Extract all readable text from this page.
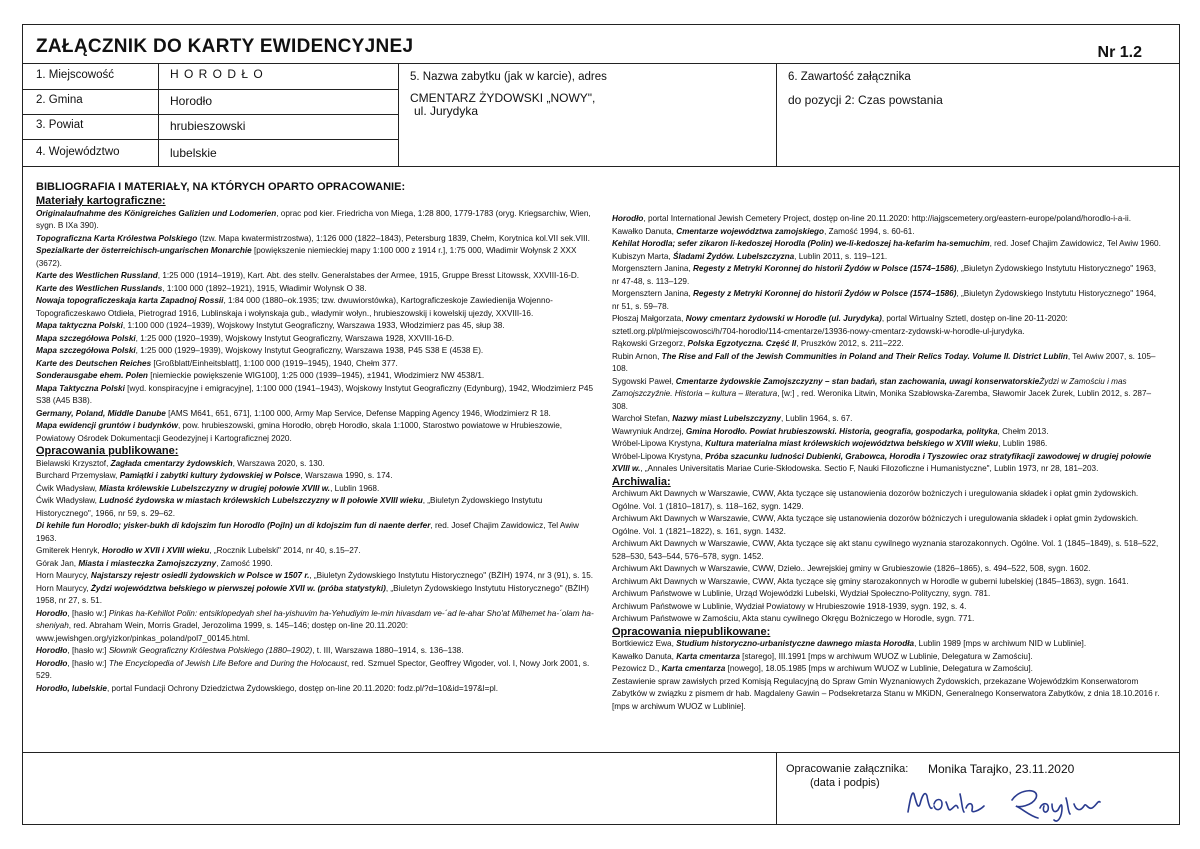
ZAŁĄCZNIK DO KARTY EWIDENCYJNEJ	Nr 1.2
1. Miejscowość	H O R O D Ł O
2. Gmina	Horodło
3. Powiat	hrubieszowski
4. Województwo	lubelskie
5. Nazwa zabytku (jak w karcie), adres
CMENTARZ ŻYDOWSKI „NOWY",
ul. Jurydyka
6. Zawartość załącznika
do pozycji 2: Czas powstania
BIBLIOGRAFIA I MATERIAŁY, NA KTÓRYCH OPARTO OPRACOWANIE:

Materiały kartograficzne:

Originalaufnahme des Königreiches Galizien und Lodomerien, oprac pod kier. Friedricha von Miega, 1:28 800, 1779-1783 (oryg. Kriegsarchiw, Wien, sygn. B IXa 390).

Topograficzna Karta Królestwa Polskiego (tzw. Mapa kwatermistrzostwa), 1:126 000 (1822–1843), Petersburg 1839, Chełm, Korytnica kol.VII sek.VIII.

Spezialkarte der österreichisch-ungarischen Monarchie [powiększenie niemieckiej mapy 1:100 000 z 1914 r.], 1:75 000, Władimir Wołynsk 2 XXX (3672).

Karte des Westlichen Russland, 1:25 000 (1914–1919), Kart. Abt. des stellv. Generalstabes der Armee, 1915, Gruppe Bresst Litowssk, XXVIII-16-D.

Karte des Westlichen Russlands, 1:100 000 (1892–1921), 1915, Władimir Wolynsk O 38.

Nowaja topograficzeskaja karta Zapadnoj Rossii, 1:84 000 (1880–ok.1935; tzw. dwuwiorstówka), Kartograficzeskoje Zawiedienija Wojenno-Topograficzeskawo Otdieła, Pietrograd 1916, Lublinskaja i wołynskaja gub., władymir wołyn., hrubieszowskij i kowelskij ujezdy, XXVIII-16.

Mapa taktyczna Polski, 1:100 000 (1924–1939), Wojskowy Instytut Geograficzny, Warszawa 1933, Włodzimierz pas 45, słup 38.

Mapa szczegółowa Polski, 1:25 000 (1920–1939), Wojskowy Instytut Geograficzny, Warszawa 1928, XXVIII-16-D.

Mapa szczegółowa Polski, 1:25 000 (1929–1939), Wojskowy Instytut Geograficzny, Warszawa 1938, P45 S38 E (4538 E).

Karte des Deutschen Reiches [Großblatt/Einheitsblatt], 1:100 000 (1919–1945), 1940, Chełm 377.

Sonderausgabe ehem. Polen [niemieckie powiększenie WIG100], 1:25 000 (1939–1945), ±1941, Włodzimierz NW 4538/1.

Mapa Taktyczna Polski [wyd. konspiracyjne i emigracyjne], 1:100 000 (1941–1943), Wojskowy Instytut Geograficzny (Edynburg), 1942, Włodzimierz P45 S38 (A45 B38).

Germany, Poland, Middle Danube [AMS M641, 651, 671], 1:100 000, Army Map Service, Defense Mapping Agency 1946, Włodzimierz R 18.

Mapa ewidencji gruntów i budynków, pow. hrubieszowski, gmina Horodło, obręb Horodło, skala 1:1000, Starostwo powiatowe w Hrubieszowie, Powiatowy Ośrodek Dokumentacji Geodezyjnej i Kartograficznej 2020.

Opracowania publikowane:

Bielawski Krzysztof, Zagłada cmentarzy żydowskich, Warszawa 2020, s. 130.

Burchard Przemysław, Pamiątki i zabytki kultury żydowskiej w Polsce, Warszawa 1990, s. 174.

Ćwik Władysław, Miasta królewskie Lubelszczyzny w drugiej połowie XVIII w., Lublin 1968.

Ćwik Władysław, Ludność żydowska w miastach królewskich Lubelszczyzny w II połowie XVIII wieku, „Biuletyn Żydowskiego Instytutu Historycznego", 1966, nr 59, s. 29–62.

Di kehile fun Horodlo; yisker-bukh di kdojszim fun Horodlo (Pojln) un di kdojszim fun di naente derfer, red. Josef Chajim Zawidowicz, Tel Awiw 1963.

Gmiterek Henryk, Horodło w XVII i XVIII wieku, „Rocznik Lubelski" 2014, nr 40, s.15–27.

Górak Jan, Miasta i miasteczka Zamojszczyzny, Zamość 1990.

Horn Maurycy, Najstarszy rejestr osiedli żydowskich w Polsce w 1507 r., „Biuletyn Żydowskiego Instytutu Historycznego" (BŻIH) 1974, nr 3 (91), s. 15.

Horn Maurycy, Żydzi województwa bełskiego w pierwszej połowie XVII w. (próba statystyki), „Biuletyn Żydowskiego Instytutu Historycznego" (BŻIH) 1958, nr 27, s. 51.

Horodło, [hasło w:] Pinkas ha-Kehillot Polin: entsiklopedyah shel ha-yishuvim ha-Yehudiyim le-min hivasdam ve-´ad le-ahar Sho'at Milhemet ha-´olam ha-sheniyah, red. Abraham Wein, Morris Gradel, Jerozolima 1999, s. 145–146; dostęp on-line 20.11.2020: www.jewishgen.org/yizkor/pinkas_poland/pol7_00145.html.

Horodło, [hasło w:] Słownik Geograficzny Królestwa Polskiego (1880–1902), t. III, Warszawa 1880–1914, s. 136–138.

Horodło, [hasło w:] The Encyclopedia of Jewish Life Before and During the Holocaust, red. Szmuel Spector, Geoffrey Wigoder, vol. I, Nowy Jork 2001, s. 529.

Horodło, lubelskie, portal Fundacji Ochrony Dziedzictwa Żydowskiego, dostęp on-line 20.11.2020: fodz.pl/?d=10&id=197&l=pl.

Horodło, portal International Jewish Cemetery Project, dostęp on-line 20.11.2020: http://iajgscemetery.org/eastern-europe/poland/horodlo-i-a-ii.

Kawałko Danuta, Cmentarze województwa zamojskiego, Zamość 1994, s. 60-61.

Kehilat Horodla; sefer zikaron li-kedoszej Horodla (Polin) we-li-kedoszej ha-kefarim ha-semuchim, red. Josef Chajim Zawidowicz, Tel Awiw 1960.

Kubiszyn Marta, Śladami Żydów. Lubelszczyzna, Lublin 2011, s. 119–121.

Morgensztern Janina, Regesty z Metryki Koronnej do historii Żydów w Polsce (1574–1586), „Biuletyn Żydowskiego Instytutu Historycznego" 1963, nr 47-48, s. 113–129.

Morgensztern Janina, Regesty z Metryki Koronnej do historii Żydów w Polsce (1574–1586), „Biuletyn Żydowskiego Instytutu Historycznego" 1964, nr 51, s. 59–78.

Płoszaj Małgorzata, Nowy cmentarz żydowski w Horodle (ul. Jurydyka), portal Wirtualny Sztetl, dostęp on-line 20-11-2020: sztetl.org.pl/pl/miejscowosci/h/704-horodlo/114-cmentarze/13936-nowy-cmentarz-zydowski-w-horodle-ul-jurydyka.

Rąkowski Grzegorz, Polska Egzotyczna. Część II, Pruszków 2012, s. 211–222.

Rubin Arnon, The Rise and Fall of the Jewish Communities in Poland and Their Relics Today. Volume II. District Lublin, Tel Awiw 2007, s. 105–108.

Sygowski Paweł, Cmentarze żydowskie Zamojszczyzny – stan badań, stan zachowania, uwagi konserwatorskieŻydzi w Zamościu i mas Zamojszczyźnie. Historia – kultura – literatura, [w:] , red. Weronika Litwin, Monika Szabłowska-Zaremba, Sławomir Jacek Żurek, Lublin 2012, s. 287–308.

Warchoł Stefan, Nazwy miast Lubelszczyzny, Lublin 1964, s. 67.

Wawryniuk Andrzej, Gmina Horodło. Powiat hrubieszowski. Historia, geografia, gospodarka, polityka, Chełm 2013.

Wróbel-Lipowa Krystyna, Kultura materialna miast królewskich województwa bełskiego w XVIII wieku, Lublin 1986.

Wróbel-Lipowa Krystyna, Próba szacunku ludności Dubienki, Grabowca, Horodła i Tyszowiec oraz stratyfikacji zawodowej w drugiej połowie XVIII w., „Annales Universitatis Mariae Curie-Skłodowska. Sectio F, Nauki Filozoficzne i Humanistyczne", Lublin 1973, nr 28, 181–203.

Archiwalia:

Archiwum Akt Dawnych w Warszawie, CWW, Akta tyczące się ustanowienia dozorów bożniczych i uregulowania składek i opłat gmin żydowskich. Ogólne. Vol. 1 (1810–1817), s. 118–162, sygn. 1429.

Archiwum Akt Dawnych w Warszawie, CWW, Akta tyczące się ustanowienia dozorów bóżniczych i uregulowania składek i opłat gmin żydowskich. Ogólne. Vol. 1 (1821–1822), s. 161, sygn. 1432.

Archiwum Akt Dawnych w Warszawie, CWW, Akta tyczące się akt stanu cywilnego wyznania starozakonnych. Ogólne. Vol. 1 (1845–1849), s. 518–522, 528–530, 543–544, 576–578, sygn. 1452.

Archiwum Akt Dawnych w Warszawie, CWW, Dzieło.. Jewrejskiej gminy w Grubieszowie (1826–1865), s. 494–522, 508, sygn. 1602.

Archiwum Akt Dawnych w Warszawie, CWW, Akta tyczące się gminy starozakonnych w Horodle w guberni lubelskiej (1845–1863), sygn. 1641.

Archiwum Państwowe w Lublinie, Urząd Wojewódzki Lubelski, Wydział Społeczno-Polityczny, sygn. 781.

Archiwum Państwowe w Lublinie, Wydział Powiatowy w Hrubieszowie 1918-1939, sygn. 192, s. 4.

Archiwum Państwowe w Zamościu, Akta stanu cywilnego Okręgu Bożniczego w Horodle, sygn. 771.

Opracowania niepublikowane:

Bortkiewicz Ewa, Studium historyczno-urbanistyczne dawnego miasta Horodła, Lublin 1989 [mps w archiwum NID w Lublinie].

Kawałko Danuta, Karta cmentarza [starego], III.1991 [mps w archiwum WUOZ w Lublinie, Delegatura w Zamościu].

Pezowicz D., Karta cmentarza [nowego], 18.05.1985 [mps w archiwum WUOZ w Lublinie, Delegatura w Zamościu].

Zestawienie spraw zawisłych przed Komisją Regulacyjną do Spraw Gmin Wyznaniowych Żydowskich, przekazane Wojewódzkim Konserwatorom Zabytków w związku z pismem dr hab. Magdaleny Gawin – Podsekretarza Stanu w MKiDN, Generalnego Konserwatora Zabytków, z dnia 18.10.2016 r. [mps w archiwum WUOZ w Lublinie].

Opracowanie załącznika:
(data i podpis)
Monika Tarajko, 23.11.2020
